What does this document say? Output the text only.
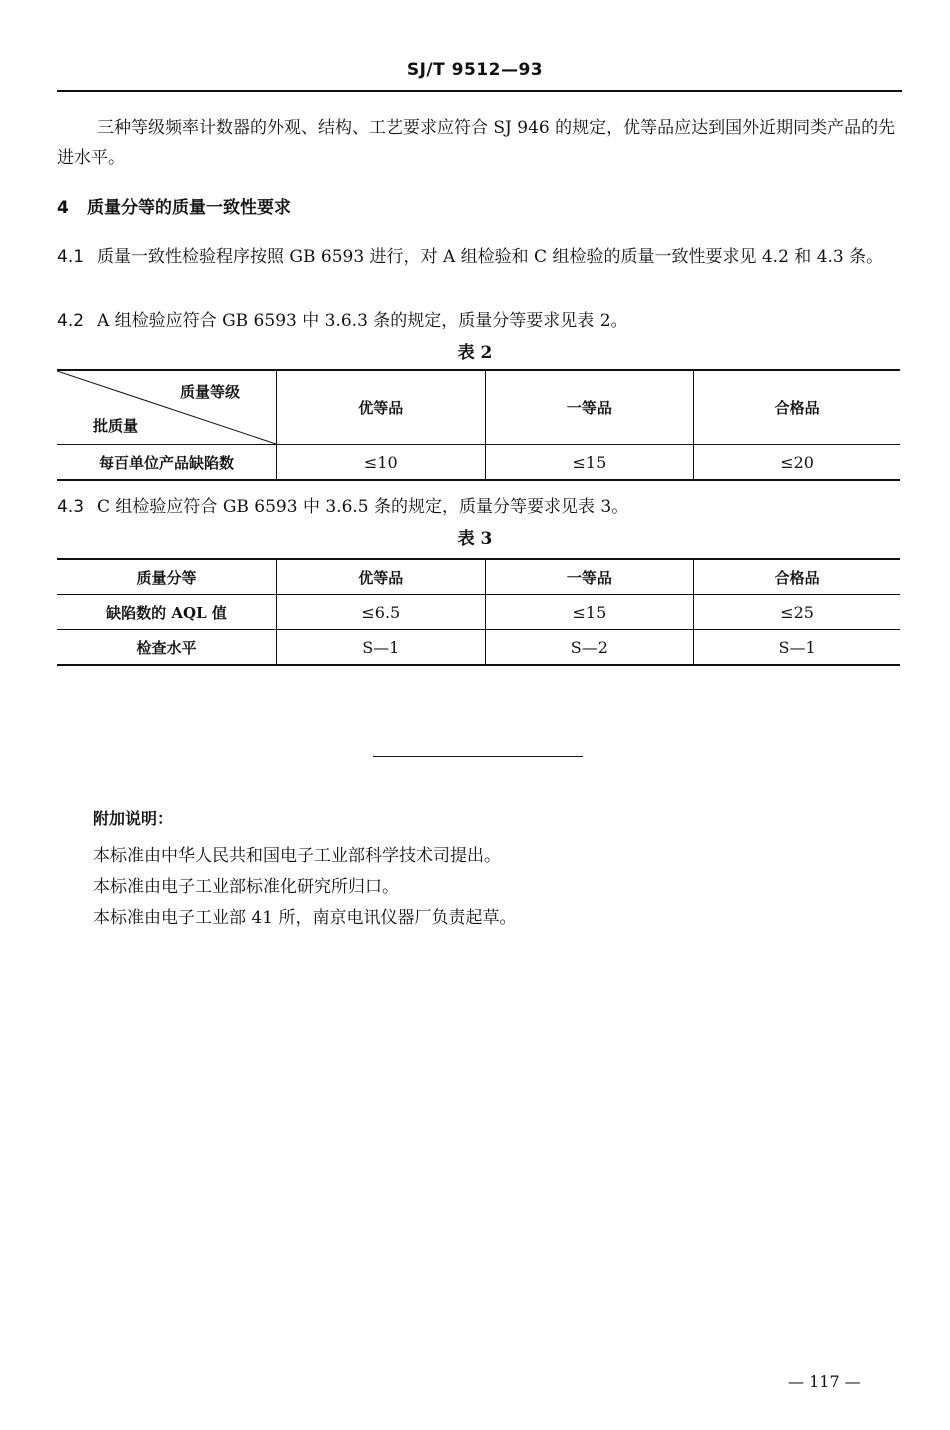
SJ/T 9512—93
三种等级频率计数器的外观、结构、工艺要求应符合 SJ 946 的规定，优等品应达到国外近期同类产品的先进水平。
4 质量分等的质量一致性要求
4.1 质量一致性检验程序按照 GB 6593 进行，对 A 组检验和 C 组检验的质量一致性要求见 4.2 和 4.3 条。
4.2 A 组检验应符合 GB 6593 中 3.6.3 条的规定，质量分等要求见表 2。
表 2
质量等级
批质量	优等品	一等品	合格品
每百单位产品缺陷数	≤10	≤15	≤20
4.3 C 组检验应符合 GB 6593 中 3.6.5 条的规定，质量分等要求见表 3。
表 3
质量分等	优等品	一等品	合格品
缺陷数的 AQL 值	≤6.5	≤15	≤25
检查水平	S—1	S—2	S—1
附加说明：
本标准由中华人民共和国电子工业部科学技术司提出。
本标准由电子工业部标准化研究所归口。
本标准由电子工业部 41 所，南京电讯仪器厂负责起草。
— 117 —
